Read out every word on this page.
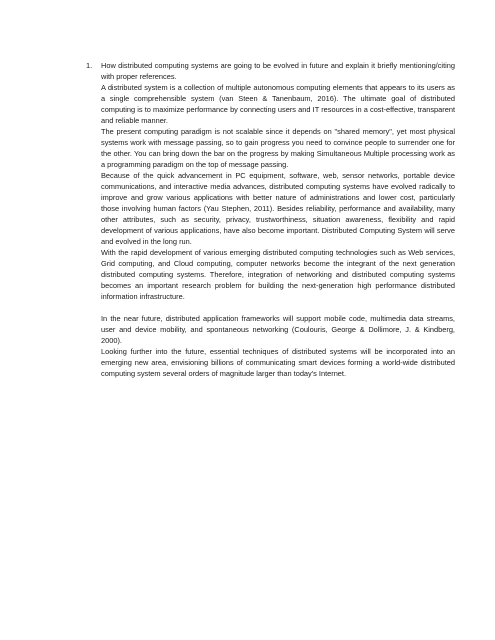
1. How distributed computing systems are going to be evolved in future and explain it briefly mentioning/citing with proper references.

A distributed system is a collection of multiple autonomous computing elements that appears to its users as a single comprehensible system (van Steen & Tanenbaum, 2016). The ultimate goal of distributed computing is to maximize performance by connecting users and IT resources in a cost-effective, transparent and reliable manner.

The present computing paradigm is not scalable since it depends on "shared memory", yet most physical systems work with message passing, so to gain progress you need to convince people to surrender one for the other. You can bring down the bar on the progress by making Simultaneous Multiple processing work as a programming paradigm on the top of message passing.

Because of the quick advancement in PC equipment, software, web, sensor networks, portable device communications, and interactive media advances, distributed computing systems have evolved radically to improve and grow various applications with better nature of administrations and lower cost, particularly those involving human factors (Yau Stephen, 2011). Besides reliability, performance and availability, many other attributes, such as security, privacy, trustworthiness, situation awareness, flexibility and rapid development of various applications, have also become important. Distributed Computing System will serve and evolved in the long run.

With the rapid development of various emerging distributed computing technologies such as Web services, Grid computing, and Cloud computing, computer networks become the integrant of the next generation distributed computing systems. Therefore, integration of networking and distributed computing systems becomes an important research problem for building the next-generation high performance distributed information infrastructure.

In the near future, distributed application frameworks will support mobile code, multimedia data streams, user and device mobility, and spontaneous networking (Coulouris, George & Dollimore, J. & Kindberg, 2000).

Looking further into the future, essential techniques of distributed systems will be incorporated into an emerging new area, envisioning billions of communicating smart devices forming a world-wide distributed computing system several orders of magnitude larger than today's Internet.
